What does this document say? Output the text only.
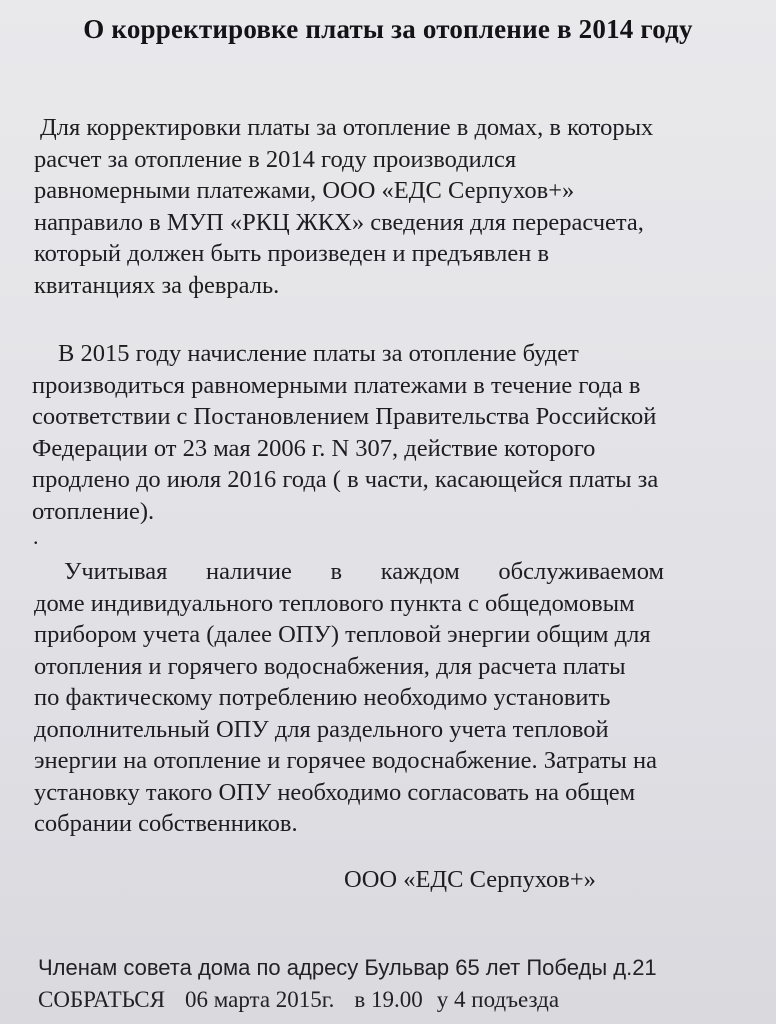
О корректировке платы за отопление в 2014 году

Для корректировки платы за отопление в домах, в которых
расчет за отопление в 2014 году производился
равномерными платежами, ООО «ЕДС Серпухов+»
направило в МУП «РКЦ ЖКХ» сведения для перерасчета,
который должен быть произведен и предъявлен в
квитанциях за февраль.

В 2015 году начисление платы за отопление будет
производиться равномерными платежами в течение года в
соответствии с Постановлением Правительства Российской
Федерации от 23 мая 2006 г. N 307, действие которого
продлено до июля 2016 года ( в части, касающейся платы за
отопление).

.

Учитывая наличие в каждом обслуживаемом
доме индивидуального теплового пункта с общедомовым
прибором учета (далее ОПУ) тепловой энергии общим для
отопления и горячего водоснабжения, для расчета платы
по фактическому потреблению необходимо установить
дополнительный ОПУ для раздельного учета тепловой
энергии на отопление и горячее водоснабжение. Затраты на
установку такого ОПУ необходимо согласовать на общем
собрании собственников.

ООО «ЕДС Серпухов+»
Членам совета дома по адресу Бульвар 65 лет Победы д.21
СОБРАТЬСЯ 06 марта 2015г. в 19.00 у 4 подъезда
